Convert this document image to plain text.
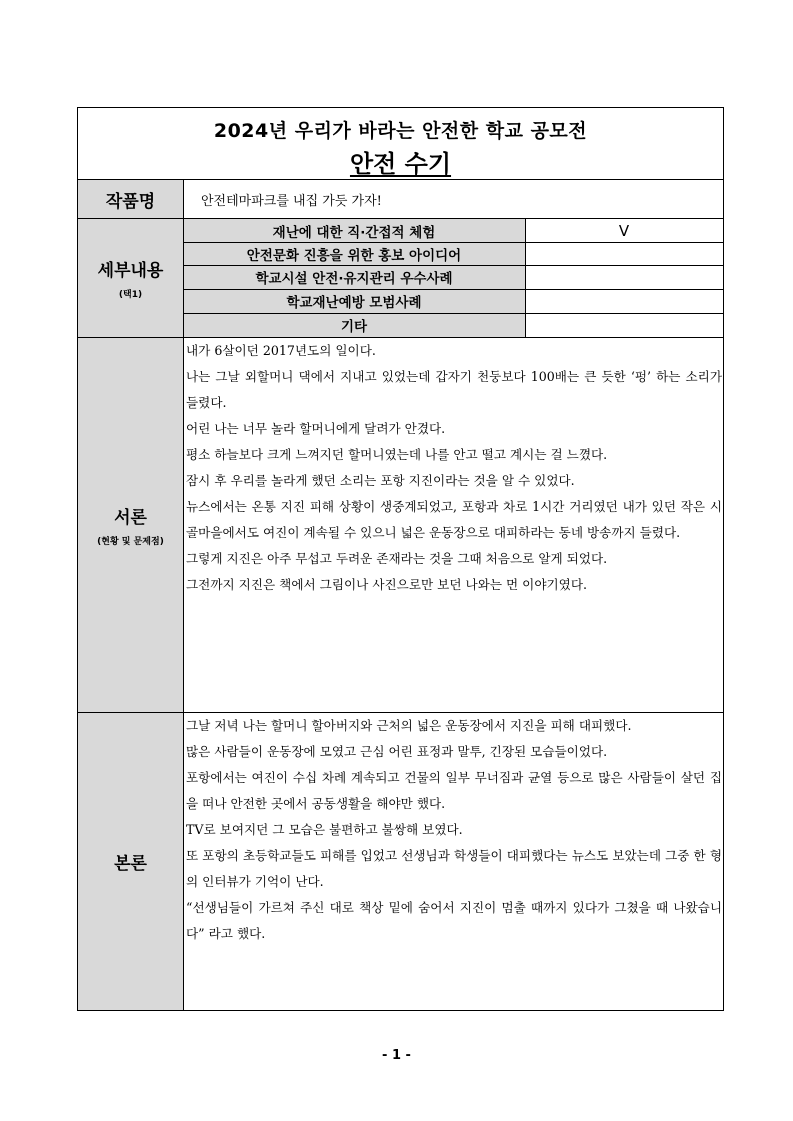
2024년 우리가 바라는 안전한 학교 공모전
안전 수기
작품명	안전테마파크를 내집 가듯 가자!
세부내용
(택1)
재난에 대한 직·간접적 체험	V
안전문화 진흥을 위한 홍보 아이디어
학교시설 안전·유지관리 우수사례
학교재난예방 모범사례
기타
서론
(현황 및 문제점)

내가 6살이던 2017년도의 일이다.

나는 그날 외할머니 댁에서 지내고 있었는데 갑자기 천둥보다 100배는 큰 듯한 ‘펑’ 하는 소리가 들렸다.

어린 나는 너무 놀라 할머니에게 달려가 안겼다.

평소 하늘보다 크게 느껴지던 할머니였는데 나를 안고 떨고 계시는 걸 느꼈다.

잠시 후 우리를 놀라게 했던 소리는 포항 지진이라는 것을 알 수 있었다.

뉴스에서는 온통 지진 피해 상황이 생중계되었고, 포항과 차로 1시간 거리였던 내가 있던 작은 시골마을에서도 여진이 계속될 수 있으니 넓은 운동장으로 대피하라는 동네 방송까지 들렸다.

그렇게 지진은 아주 무섭고 두려운 존재라는 것을 그때 처음으로 알게 되었다.

그전까지 지진은 책에서 그림이나 사진으로만 보던 나와는 먼 이야기였다.

본론

그날 저녁 나는 할머니 할아버지와 근처의 넓은 운동장에서 지진을 피해 대피했다.

많은 사람들이 운동장에 모였고 근심 어린 표정과 말투, 긴장된 모습들이었다.

포항에서는 여진이 수십 차례 계속되고 건물의 일부 무너짐과 균열 등으로 많은 사람들이 살던 집을 떠나 안전한 곳에서 공동생활을 해야만 했다.

TV로 보여지던 그 모습은 불편하고 불쌍해 보였다.

또 포항의 초등학교들도 피해를 입었고 선생님과 학생들이 대피했다는 뉴스도 보았는데 그중 한 형의 인터뷰가 기억이 난다.

“선생님들이 가르쳐 주신 대로 책상 밑에 숨어서 지진이 멈출 때까지 있다가 그쳤을 때 나왔습니다” 라고 했다.

- 1 -
